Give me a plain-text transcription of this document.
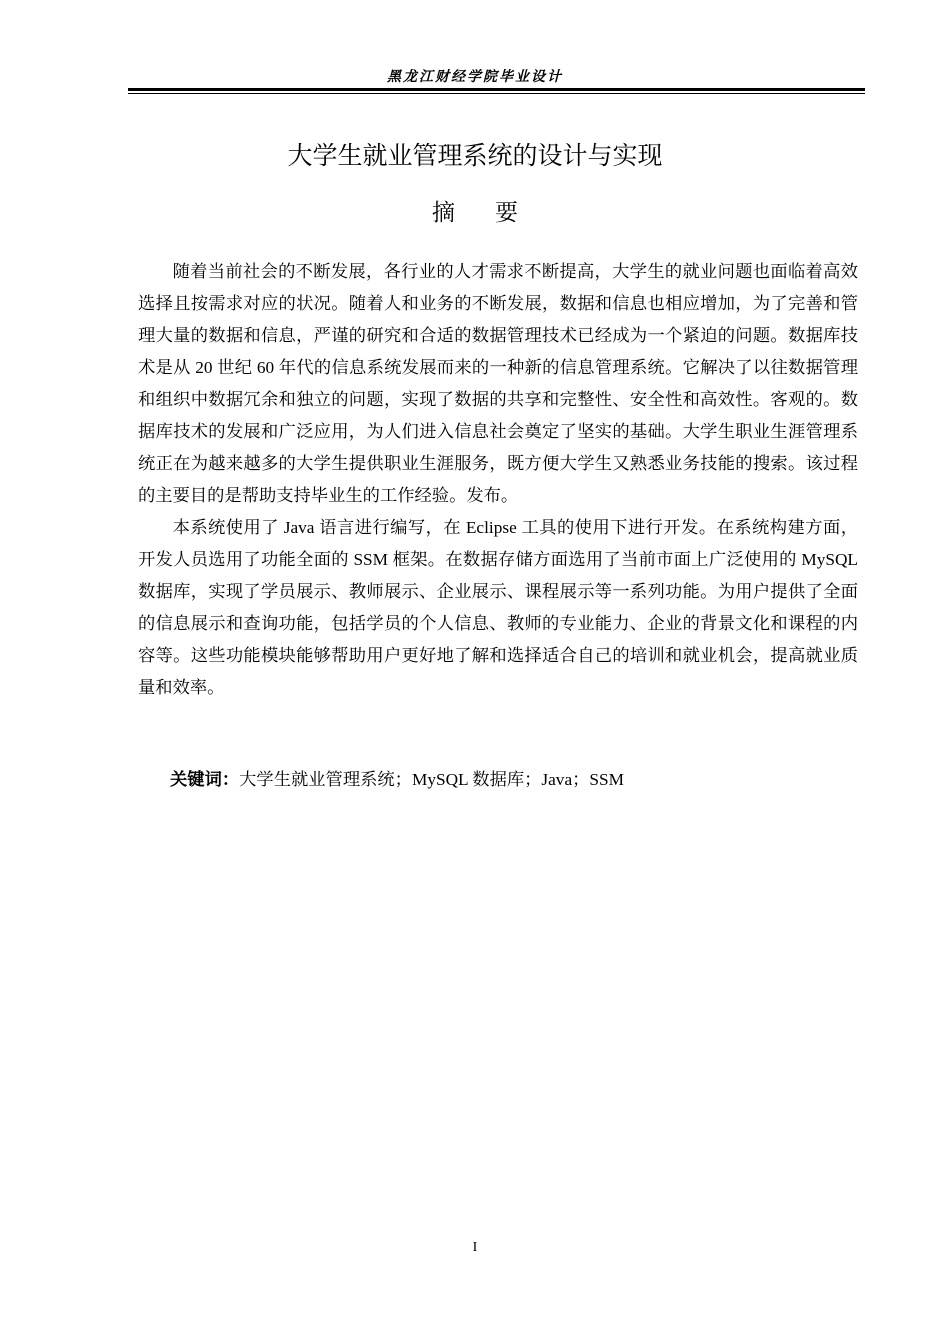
黑龙江财经学院毕业设计
大学生就业管理系统的设计与实现
摘 要

随着当前社会的不断发展，各行业的人才需求不断提高，大学生的就业问题也面临着高效选择且按需求对应的状况。随着人和业务的不断发展，数据和信息也相应增加，为了完善和管理大量的数据和信息，严谨的研究和合适的数据管理技术已经成为一个紧迫的问题。数据库技术是从 20 世纪 60 年代的信息系统发展而来的一种新的信息管理系统。它解决了以往数据管理和组织中数据冗余和独立的问题，实现了数据的共享和完整性、安全性和高效性。客观的。数据库技术的发展和广泛应用，为人们进入信息社会奠定了坚实的基础。大学生职业生涯管理系统正在为越来越多的大学生提供职业生涯服务，既方便大学生又熟悉业务技能的搜索。该过程的主要目的是帮助支持毕业生的工作经验。发布。

本系统使用了 Java 语言进行编写，在 Eclipse 工具的使用下进行开发。在系统构建方面，开发人员选用了功能全面的 SSM 框架。在数据存储方面选用了当前市面上广泛使用的 MySQL 数据库，实现了学员展示、教师展示、企业展示、课程展示等一系列功能。为用户提供了全面的信息展示和查询功能，包括学员的个人信息、教师的专业能力、企业的背景文化和课程的内容等。这些功能模块能够帮助用户更好地了解和选择适合自己的培训和就业机会，提高就业质量和效率。

关键词：大学生就业管理系统；MySQL 数据库；Java；SSM
I
